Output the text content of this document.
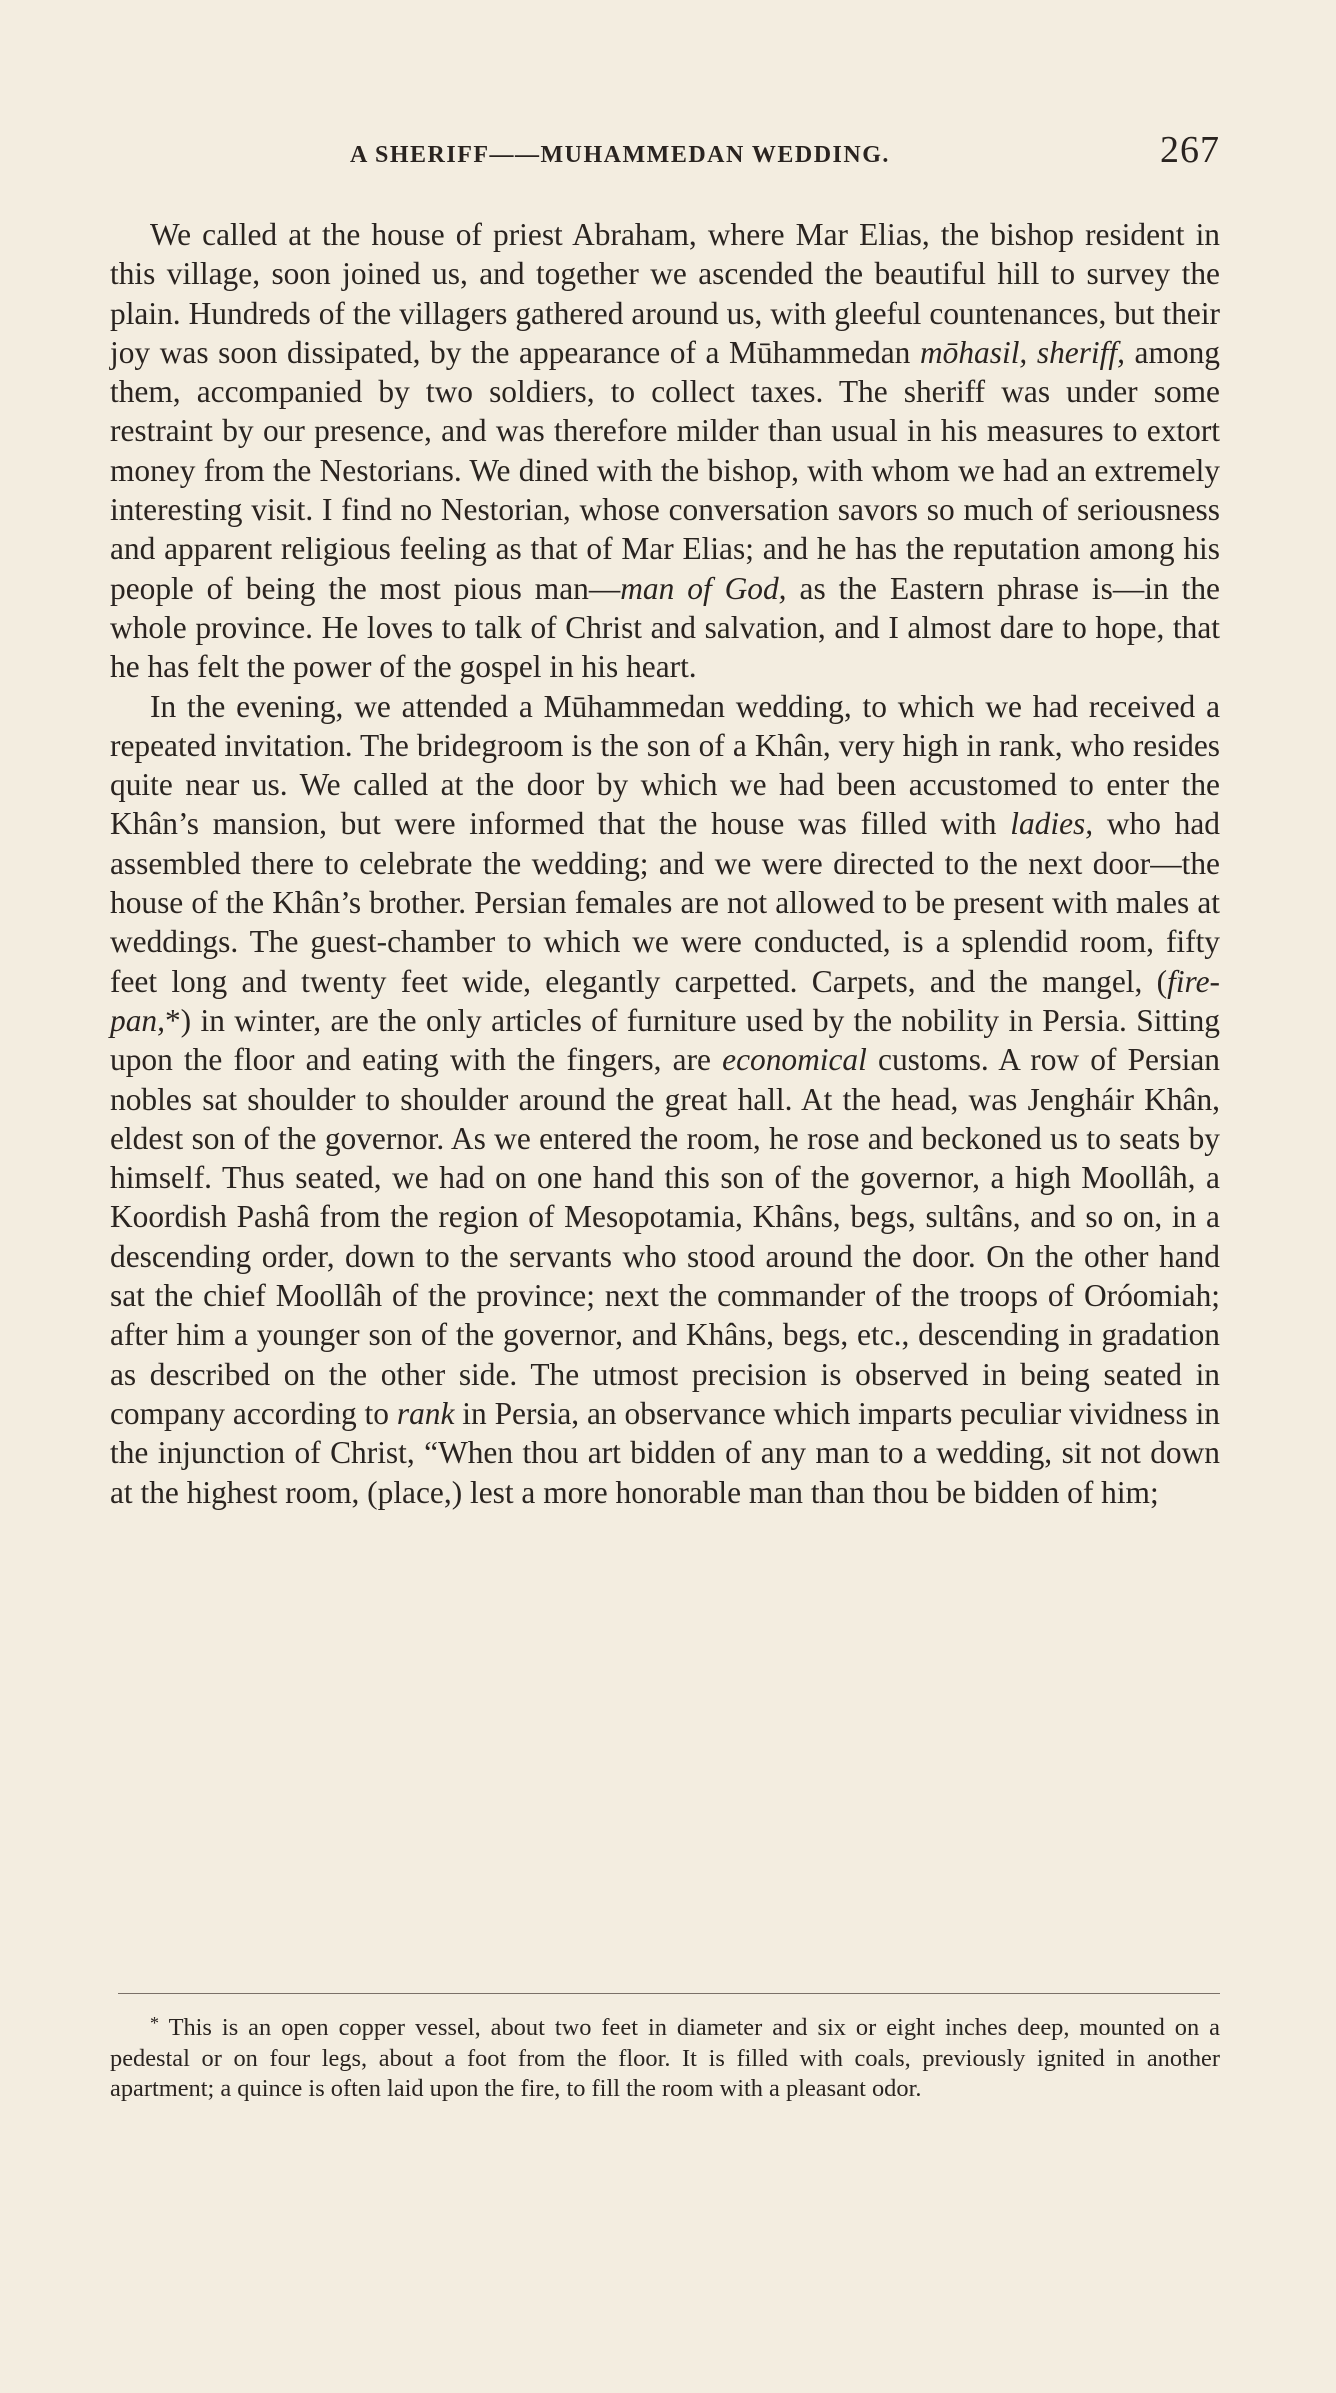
A SHERIFF——MUHAMMEDAN WEDDING.	267

We called at the house of priest Abraham, where Mar Elias, the bishop resident in this village, soon joined us, and together we ascended the beautiful hill to survey the plain. Hundreds of the villagers gathered around us, with gleeful countenances, but their joy was soon dissipated, by the appearance of a Mūhammedan mōhasil, sheriff, among them, accompanied by two soldiers, to collect taxes. The sheriff was under some restraint by our presence, and was therefore milder than usual in his measures to extort money from the Nestorians. We dined with the bishop, with whom we had an extremely interesting visit. I find no Nestorian, whose conversation savors so much of seriousness and apparent religious feeling as that of Mar Elias; and he has the reputation among his people of being the most pious man—man of God, as the Eastern phrase is—in the whole province. He loves to talk of Christ and salvation, and I almost dare to hope, that he has felt the power of the gospel in his heart.

In the evening, we attended a Mūhammedan wedding, to which we had received a repeated invitation. The bridegroom is the son of a Khân, very high in rank, who resides quite near us. We called at the door by which we had been accustomed to enter the Khân’s mansion, but were informed that the house was filled with ladies, who had assembled there to celebrate the wedding; and we were directed to the next door—the house of the Khân’s brother. Persian females are not allowed to be present with males at weddings. The guest-chamber to which we were conducted, is a splendid room, fifty feet long and twenty feet wide, elegantly carpetted. Carpets, and the mangel, (fire-pan,*) in winter, are the only articles of furniture used by the nobility in Persia. Sitting upon the floor and eating with the fingers, are economical customs. A row of Persian nobles sat shoulder to shoulder around the great hall. At the head, was Jengháir Khân, eldest son of the governor. As we entered the room, he rose and beckoned us to seats by himself. Thus seated, we had on one hand this son of the governor, a high Moollâh, a Koordish Pashâ from the region of Mesopotamia, Khâns, begs, sultâns, and so on, in a descending order, down to the servants who stood around the door. On the other hand sat the chief Moollâh of the province; next the commander of the troops of Oróomiah; after him a younger son of the governor, and Khâns, begs, etc., descending in gradation as described on the other side. The utmost precision is observed in being seated in company according to rank in Persia, an observance which imparts peculiar vividness in the injunction of Christ, “When thou art bidden of any man to a wedding, sit not down at the highest room, (place,) lest a more honorable man than thou be bidden of him;

* This is an open copper vessel, about two feet in diameter and six or eight inches deep, mounted on a pedestal or on four legs, about a foot from the floor. It is filled with coals, previously ignited in another apartment; a quince is often laid upon the fire, to fill the room with a pleasant odor.
